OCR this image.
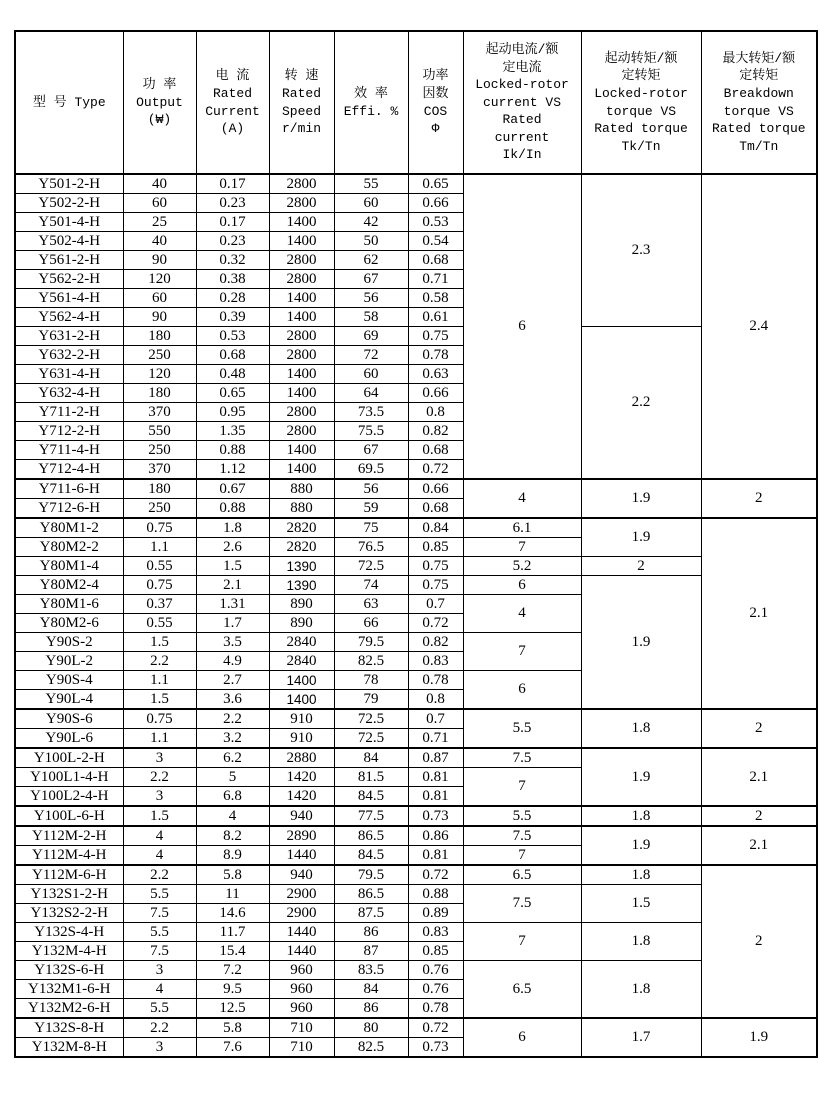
型 号 Type

功 率
Output
(₩)

电 流
Rated
Current
(A)

转 速
Rated
Speed
r/min

效 率
Effi. %

功率
因数
COS
Φ

起动电流/额
定电流
Locked-rotor
current VS
Rated
current
Ik/In

起动转矩/额
定转矩
Locked-rotor
torque VS
Rated torque
Tk/Tn

最大转矩/额
定转矩
Breakdown
torque VS
Rated torque
Tm/Tn

Y501-2-H	40	0.17	2800	55	0.65	6	2.3	2.4
Y502-2-H	60	0.23	2800	60	0.66			
Y501-4-H	25	0.17	1400	42	0.53			
Y502-4-H	40	0.23	1400	50	0.54			
Y561-2-H	90	0.32	2800	62	0.68			
Y562-2-H	120	0.38	2800	67	0.71			
Y561-4-H	60	0.28	1400	56	0.58			
Y562-4-H	90	0.39	1400	58	0.61			
Y631-2-H	180	0.53	2800	69	0.75		2.2	
Y632-2-H	250	0.68	2800	72	0.78			
Y631-4-H	120	0.48	1400	60	0.63			
Y632-4-H	180	0.65	1400	64	0.66			
Y711-2-H	370	0.95	2800	73.5	0.8			
Y712-2-H	550	1.35	2800	75.5	0.82			
Y711-4-H	250	0.88	1400	67	0.68			
Y712-4-H	370	1.12	1400	69.5	0.72			
Y711-6-H	180	0.67	880	56	0.66	4	1.9	2
Y712-6-H	250	0.88	880	59	0.68			
Y80M1-2	0.75	1.8	2820	75	0.84	6.1	1.9	2.1
Y80M2-2	1.1	2.6	2820	76.5	0.85	7		
Y80M1-4	0.55	1.5	1390	72.5	0.75	5.2	2	
Y80M2-4	0.75	2.1	1390	74	0.75	6	1.9	
Y80M1-6	0.37	1.31	890	63	0.7	4		
Y80M2-6	0.55	1.7	890	66	0.72			
Y90S-2	1.5	3.5	2840	79.5	0.82	7		
Y90L-2	2.2	4.9	2840	82.5	0.83			
Y90S-4	1.1	2.7	1400	78	0.78	6		
Y90L-4	1.5	3.6	1400	79	0.8			
Y90S-6	0.75	2.2	910	72.5	0.7	5.5	1.8	2
Y90L-6	1.1	3.2	910	72.5	0.71			
Y100L-2-H	3	6.2	2880	84	0.87	7.5	1.9	2.1
Y100L1-4-H	2.2	5	1420	81.5	0.81	7		
Y100L2-4-H	3	6.8	1420	84.5	0.81			
Y100L-6-H	1.5	4	940	77.5	0.73	5.5	1.8	2
Y112M-2-H	4	8.2	2890	86.5	0.86	7.5	1.9	2.1
Y112M-4-H	4	8.9	1440	84.5	0.81	7		
Y112M-6-H	2.2	5.8	940	79.5	0.72	6.5	1.8	2
Y132S1-2-H	5.5	11	2900	86.5	0.88	7.5	1.5	
Y132S2-2-H	7.5	14.6	2900	87.5	0.89			
Y132S-4-H	5.5	11.7	1440	86	0.83	7	1.8	
Y132M-4-H	7.5	15.4	1440	87	0.85			
Y132S-6-H	3	7.2	960	83.5	0.76	6.5	1.8	
Y132M1-6-H	4	9.5	960	84	0.76			
Y132M2-6-H	5.5	12.5	960	86	0.78			
Y132S-8-H	2.2	5.8	710	80	0.72	6	1.7	1.9
Y132M-8-H	3	7.6	710	82.5	0.73			
